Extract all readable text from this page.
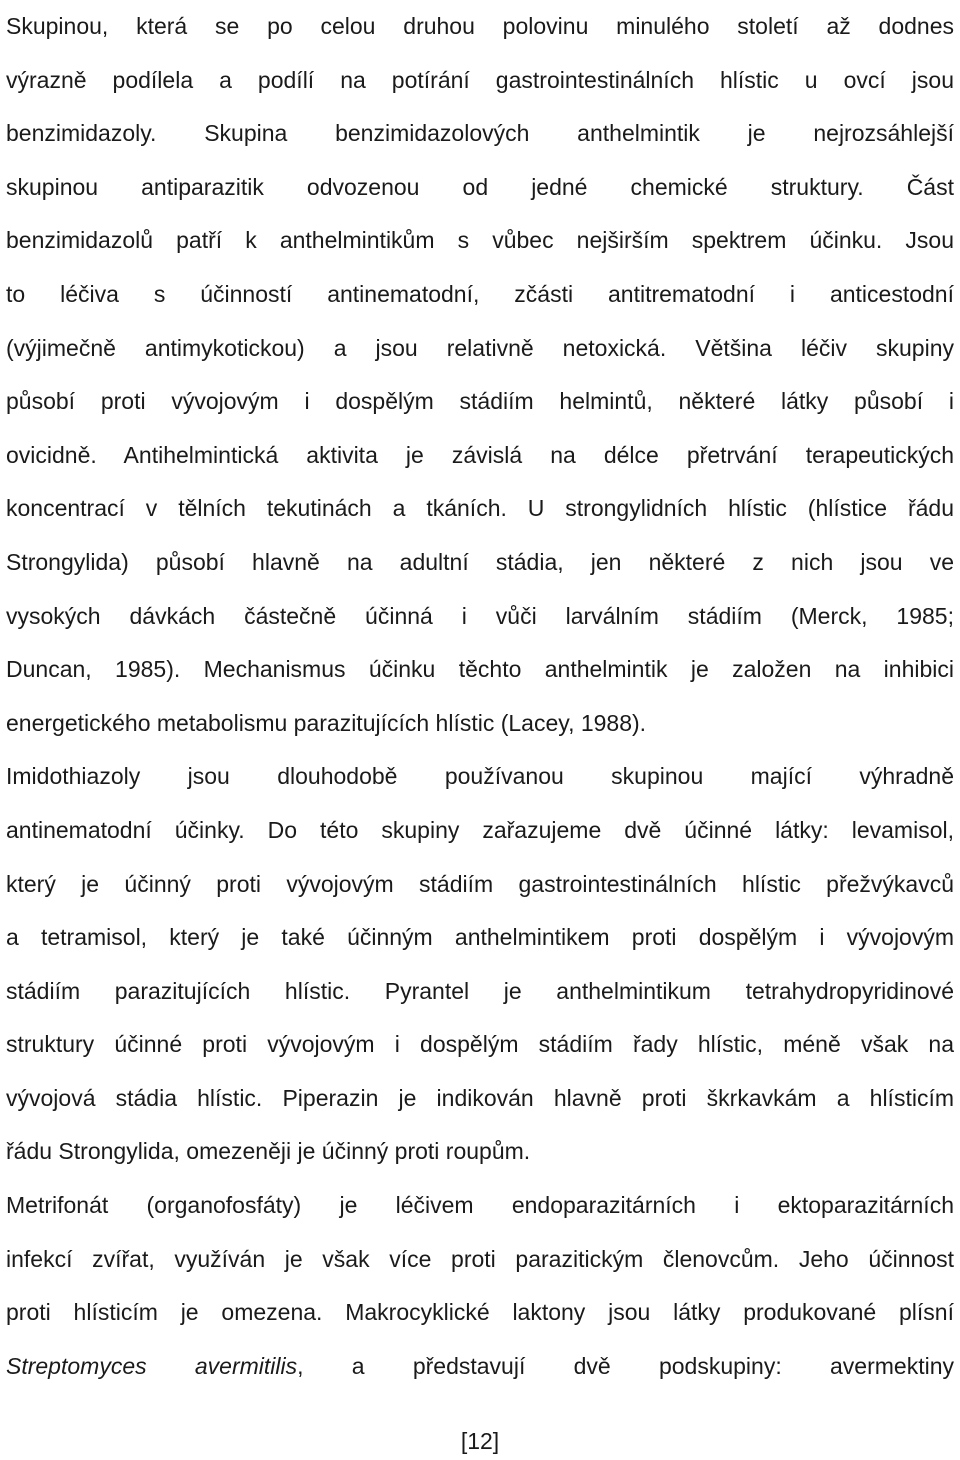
Skupinou, která se po celou druhou polovinu minulého století až dodnes
výrazně podílela a podílí na potírání gastrointestinálních hlístic u ovcí jsou
benzimidazoly. Skupina benzimidazolových anthelmintik je nejrozsáhlejší
skupinou antiparazitik odvozenou od jedné chemické struktury. Část
benzimidazolů patří k anthelmintikům s vůbec nejširším spektrem účinku. Jsou
to léčiva s účinností antinematodní, zčásti antitrematodní i anticestodní
(výjimečně antimykotickou) a jsou relativně netoxická. Většina léčiv skupiny
působí proti vývojovým i dospělým stádiím helmintů, některé látky působí i
ovicidně. Antihelmintická aktivita je závislá na délce přetrvání terapeutických
koncentrací v tělních tekutinách a tkáních. U strongylidních hlístic (hlístice řádu
Strongylida) působí hlavně na adultní stádia, jen některé z nich jsou ve
vysokých dávkách částečně účinná i vůči larválním stádiím (Merck, 1985;
Duncan, 1985). Mechanismus účinku těchto anthelmintik je založen na inhibici
energetického metabolismu parazitujících hlístic (Lacey, 1988).
Imidothiazoly jsou dlouhodobě používanou skupinou mající výhradně
antinematodní účinky. Do této skupiny zařazujeme dvě účinné látky: levamisol,
který je účinný proti vývojovým stádiím gastrointestinálních hlístic přežvýkavců
a tetramisol, který je také účinným anthelmintikem proti dospělým i vývojovým
stádiím parazitujících hlístic. Pyrantel je anthelmintikum tetrahydropyridinové
struktury účinné proti vývojovým i dospělým stádiím řady hlístic, méně však na
vývojová stádia hlístic. Piperazin je indikován hlavně proti škrkavkám a hlísticím
řádu Strongylida, omezeněji je účinný proti roupům.
Metrifonát (organofosfáty) je léčivem endoparazitárních i ektoparazitárních
infekcí zvířat, využíván je však více proti parazitickým členovcům. Jeho účinnost
proti hlísticím je omezena. Makrocyklické laktony jsou látky produkované plísní
Streptomyces avermitilis, a představují dvě podskupiny: avermektiny
[12]
